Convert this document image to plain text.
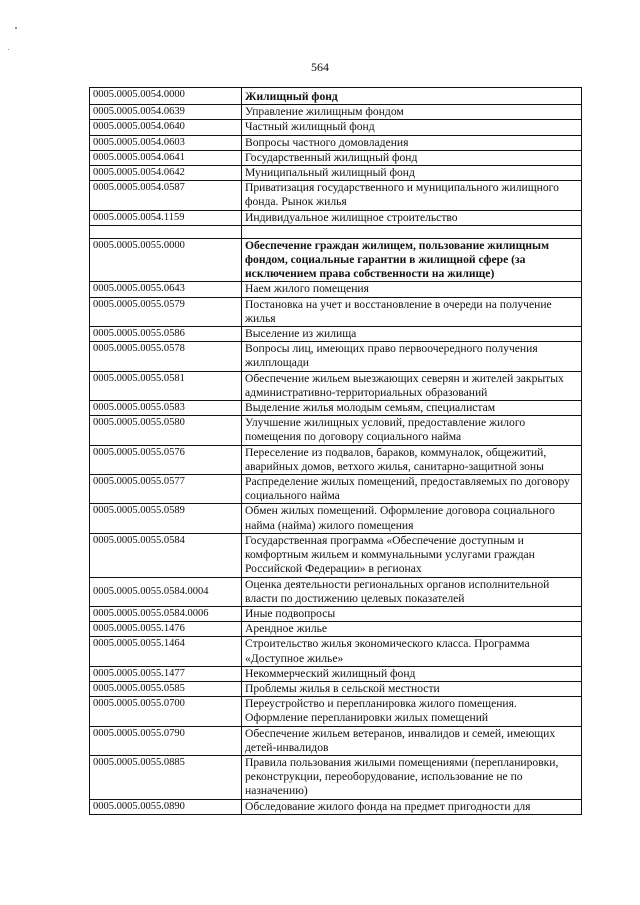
564
0005.0005.0054.0000	Жилищный фонд
0005.0005.0054.0639	Управление жилищным фондом
0005.0005.0054.0640	Частный жилищный фонд
0005.0005.0054.0603	Вопросы частного домовладения
0005.0005.0054.0641	Государственный жилищный фонд
0005.0005.0054.0642	Муниципальный жилищный фонд
0005.0005.0054.0587	Приватизация государственного и муниципального жилищного фонда. Рынок жилья
0005.0005.0054.1159	Индивидуальное жилищное строительство

0005.0005.0055.0000	Обеспечение граждан жилищем, пользование жилищным фондом, социальные гарантии в жилищной сфере (за исключением права собственности на жилище)
0005.0005.0055.0643	Наем жилого помещения
0005.0005.0055.0579	Постановка на учет и восстановление в очереди на получение жилья
0005.0005.0055.0586	Выселение из жилища
0005.0005.0055.0578	Вопросы лиц, имеющих право первоочередного получения жилплощади
0005.0005.0055.0581	Обеспечение жильем выезжающих северян и жителей закрытых административно-территориальных образований
0005.0005.0055.0583	Выделение жилья молодым семьям, специалистам
0005.0005.0055.0580	Улучшение жилищных условий, предоставление жилого помещения по договору социального найма
0005.0005.0055.0576	Переселение из подвалов, бараков, коммуналок, общежитий, аварийных домов, ветхого жилья, санитарно-защитной зоны
0005.0005.0055.0577	Распределение жилых помещений, предоставляемых по договору социального найма
0005.0005.0055.0589	Обмен жилых помещений. Оформление договора социального найма (найма) жилого помещения
0005.0005.0055.0584	Государственная программа «Обеспечение доступным и комфортным жильем и коммунальными услугами граждан Российской Федерации» в регионах
0005.0005.0055.0584.0004	Оценка деятельности региональных органов исполнительной власти по достижению целевых показателей
0005.0005.0055.0584.0006	Иные подвопросы
0005.0005.0055.1476	Арендное жилье
0005.0005.0055.1464	Строительство жилья экономического класса. Программа «Доступное жилье»
0005.0005.0055.1477	Некоммерческий жилищный фонд
0005.0005.0055.0585	Проблемы жилья в сельской местности
0005.0005.0055.0700	Переустройство и перепланировка жилого помещения. Оформление перепланировки жилых помещений
0005.0005.0055.0790	Обеспечение жильем ветеранов, инвалидов и семей, имеющих детей-инвалидов
0005.0005.0055.0885	Правила пользования жилыми помещениями (перепланировки, реконструкции, переоборудование, использование не по назначению)
0005.0005.0055.0890	Обследование жилого фонда на предмет пригодности для
